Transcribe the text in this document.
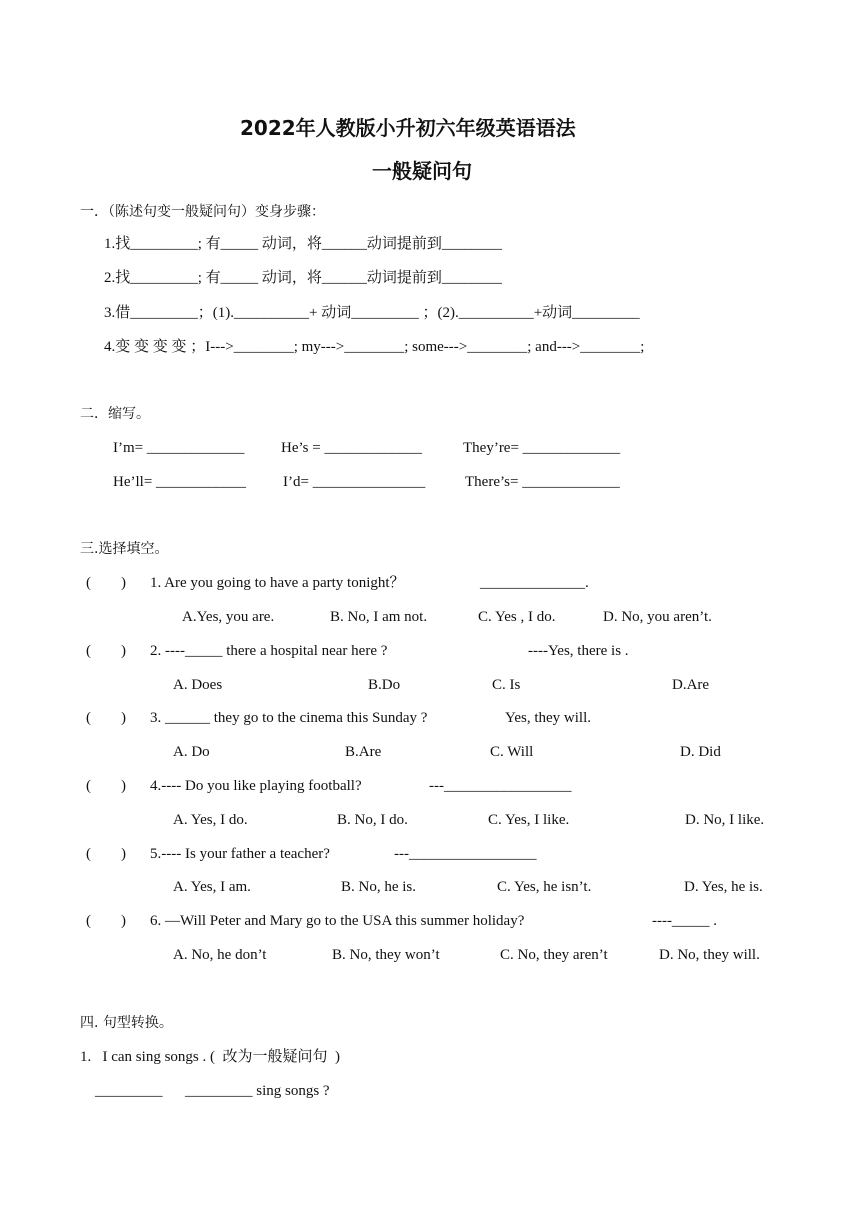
2022年人教版小升初六年级英语语法
一般疑问句
一．（陈述句变一般疑问句）变身步骤：
1.找_________; 有_____ 动词，将______动词提前到________
2.找_________; 有_____ 动词，将______动词提前到________
3.借_________；(1).__________+ 动词_________ ；(2).__________+动词_________
4.变 变 变 变 ；I--->________; my--->________; some--->________; and--->________;
二．缩写。
I’m= _____________ He’s = _____________	They’re= _____________
He’ll= ____________ I’d= _______________	There’s= _____________
三.选择填空。
(        ) 1. Are you going to have a party tonight？	______________.
A.Yes, you are.	B. No, I am not.	C. Yes , I do.	D. No, you aren’t.
(        ) 2. ----_____ there a hospital near here ?	----Yes, there is .
A. Does	B.Do	C. Is	D.Are
(        ) 3. ______ they go to the cinema this Sunday ?	Yes, they will.
A. Do	B.Are	C. Will	D. Did
(        ) 4.---- Do you like playing football?	---_________________
A. Yes, I do.	B. No, I do.	C. Yes, I like.	D. No, I like.
(        ) 5.---- Is your father a teacher?	---_________________
A. Yes, I am.	B. No, he is.	C. Yes, he isn’t.	D. Yes, he is.
(        ) 6. —Will Peter and Mary go to the USA this summer holiday?	----_____ .
A. No, he don’t	B. No, they won’t	C. No, they aren’t	D. No, they will.
四. 句型转换。
1.   I can sing songs . (  改为一般疑问句  )
_________      _________ sing songs ?
